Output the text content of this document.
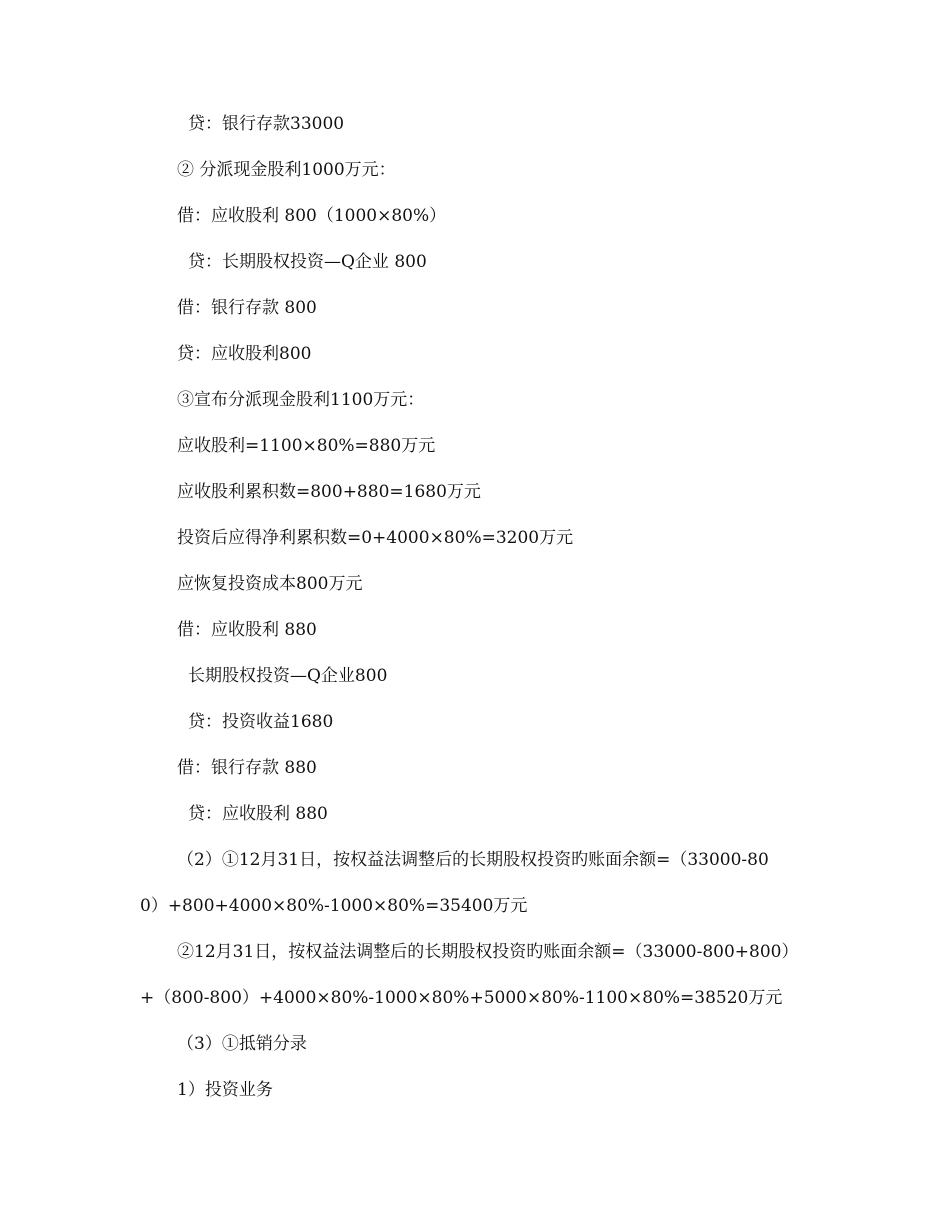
贷：银行存款33000
② 分派现金股利1000万元：
借：应收股利 800（1000×80%）
贷：长期股权投资—Q企业 800
借：银行存款 800
贷：应收股利800
③宣布分派现金股利1100万元：
应收股利=1100×80%=880万元
应收股利累积数=800+880=1680万元
投资后应得净利累积数=0+4000×80%=3200万元
应恢复投资成本800万元
借：应收股利 880
长期股权投资—Q企业800
贷：投资收益1680
借：银行存款 880
贷：应收股利 880
（2）①12月31日，按权益法调整后的长期股权投资旳账面余额=（33000-80
0）+800+4000×80%-1000×80%=35400万元
②12月31日，按权益法调整后的长期股权投资旳账面余额=（33000-800+800）
+（800-800）+4000×80%-1000×80%+5000×80%-1100×80%=38520万元
（3）①抵销分录
1）投资业务
